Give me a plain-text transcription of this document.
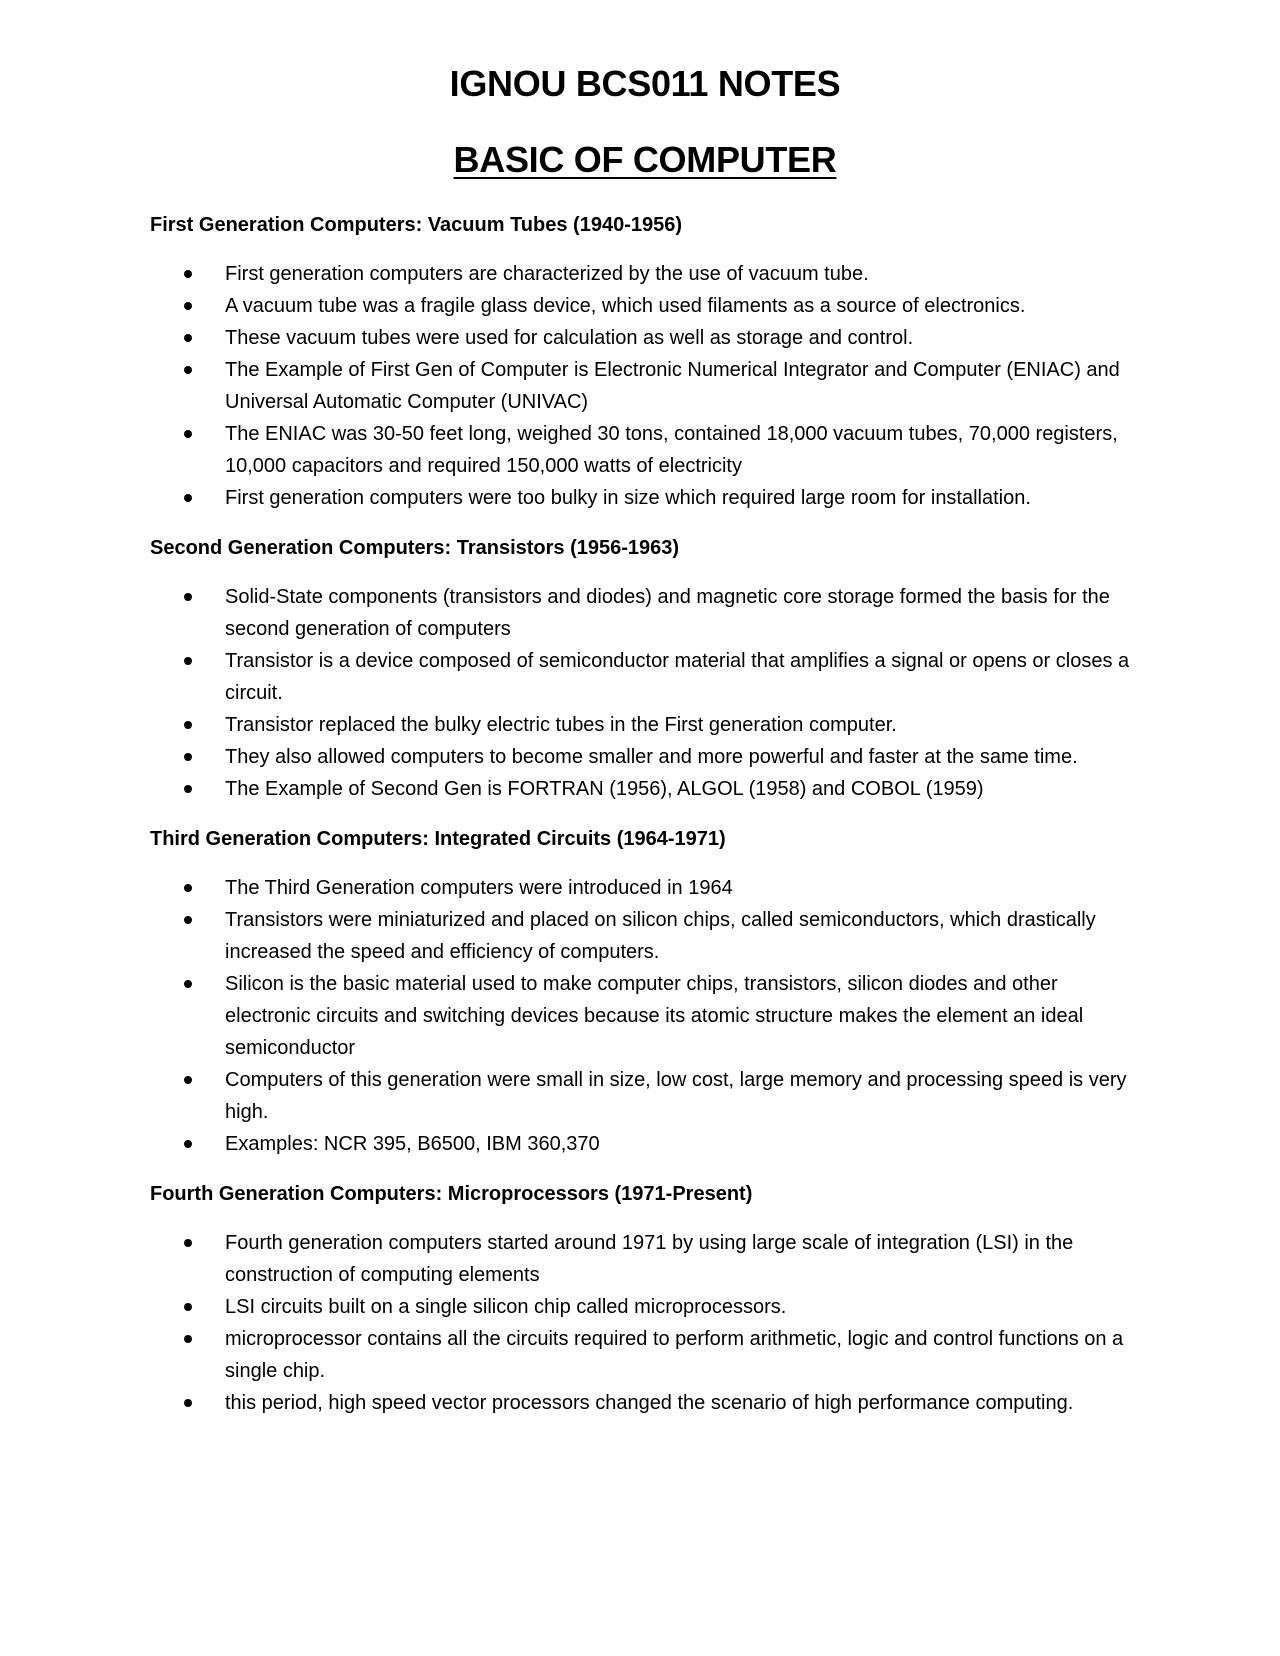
IGNOU BCS011 NOTES
BASIC OF COMPUTER
First Generation Computers: Vacuum Tubes (1940-1956)
First generation computers are characterized by the use of vacuum tube.
A vacuum tube was a fragile glass device, which used filaments as a source of electronics.
These vacuum tubes were used for calculation as well as storage and control.
The Example of First Gen of Computer is Electronic Numerical Integrator and Computer (ENIAC) and Universal Automatic Computer (UNIVAC)
The ENIAC was 30-50 feet long, weighed 30 tons, contained 18,000 vacuum tubes, 70,000 registers, 10,000 capacitors and required 150,000 watts of electricity
First generation computers were too bulky in size which required large room for installation.
Second Generation Computers: Transistors (1956-1963)
Solid-State components (transistors and diodes) and magnetic core storage formed the basis for the second generation of computers
Transistor is a device composed of semiconductor material that amplifies a signal or opens or closes a circuit.
Transistor replaced the bulky electric tubes in the First generation computer.
They also allowed computers to become smaller and more powerful and faster at the same time.
The Example of Second Gen is FORTRAN (1956), ALGOL (1958) and COBOL (1959)
Third Generation Computers: Integrated Circuits (1964-1971)
The Third Generation computers were introduced in 1964
Transistors were miniaturized and placed on silicon chips, called semiconductors, which drastically increased the speed and efficiency of computers.
Silicon is the basic material used to make computer chips, transistors, silicon diodes and other electronic circuits and switching devices because its atomic structure makes the element an ideal semiconductor
Computers of this generation were small in size, low cost, large memory and processing speed is very high.
Examples: NCR 395, B6500, IBM 360,370
Fourth Generation Computers: Microprocessors (1971-Present)
Fourth generation computers started around 1971 by using large scale of integration (LSI) in the construction of computing elements
LSI circuits built on a single silicon chip called microprocessors.
microprocessor contains all the circuits required to perform arithmetic, logic and control functions on a single chip.
this period, high speed vector processors changed the scenario of high performance computing.
